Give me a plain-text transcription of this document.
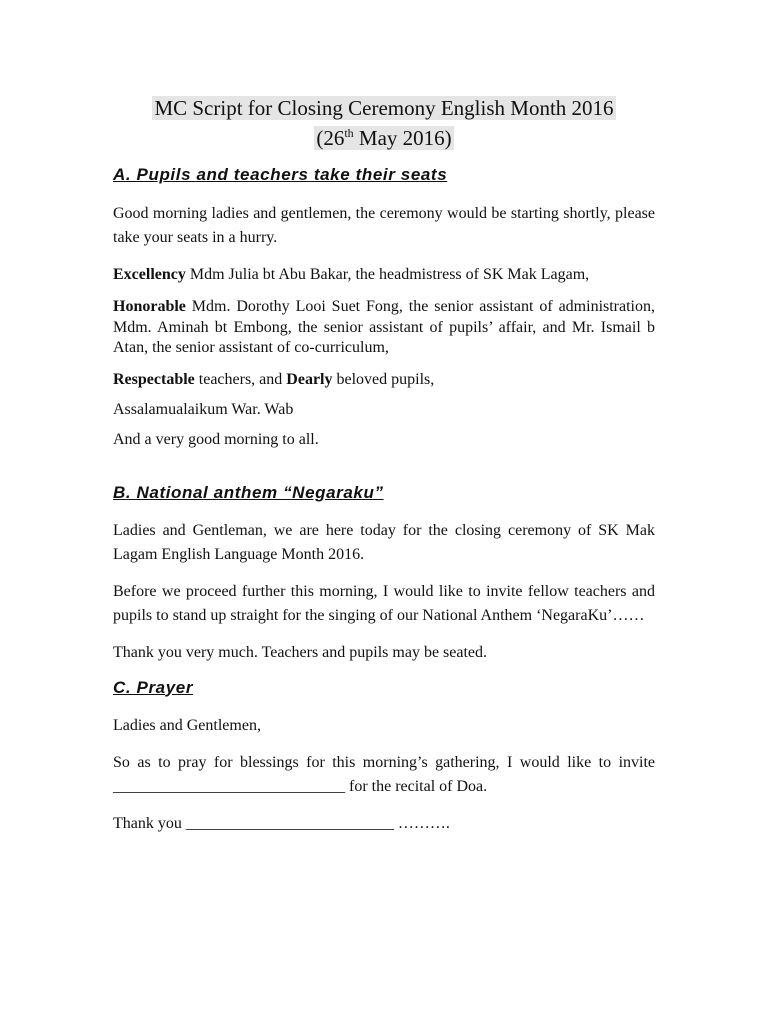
MC Script for Closing Ceremony English Month 2016
(26th May 2016)
A. Pupils and teachers take their seats

Good morning ladies and gentlemen, the ceremony would be starting shortly, please take your seats in a hurry.

Excellency Mdm Julia bt Abu Bakar, the headmistress of SK Mak Lagam,

Honorable Mdm. Dorothy Looi Suet Fong, the senior assistant of administration, Mdm. Aminah bt Embong, the senior assistant of pupils’ affair, and Mr. Ismail b Atan, the senior assistant of co-curriculum,

Respectable teachers, and Dearly beloved pupils,

Assalamualaikum War. Wab

And a very good morning to all.

B. National anthem “Negaraku”

Ladies and Gentleman, we are here today for the closing ceremony of SK Mak Lagam English Language Month 2016.

Before we proceed further this morning, I would like to invite fellow teachers and pupils to stand up straight for the singing of our National Anthem ‘NegaraKu’……

Thank you very much. Teachers and pupils may be seated.

C. Prayer

Ladies and Gentlemen,

So as to pray for blessings for this morning’s gathering, I would like to invite _____________________________ for the recital of Doa.

Thank you __________________________ ……….
